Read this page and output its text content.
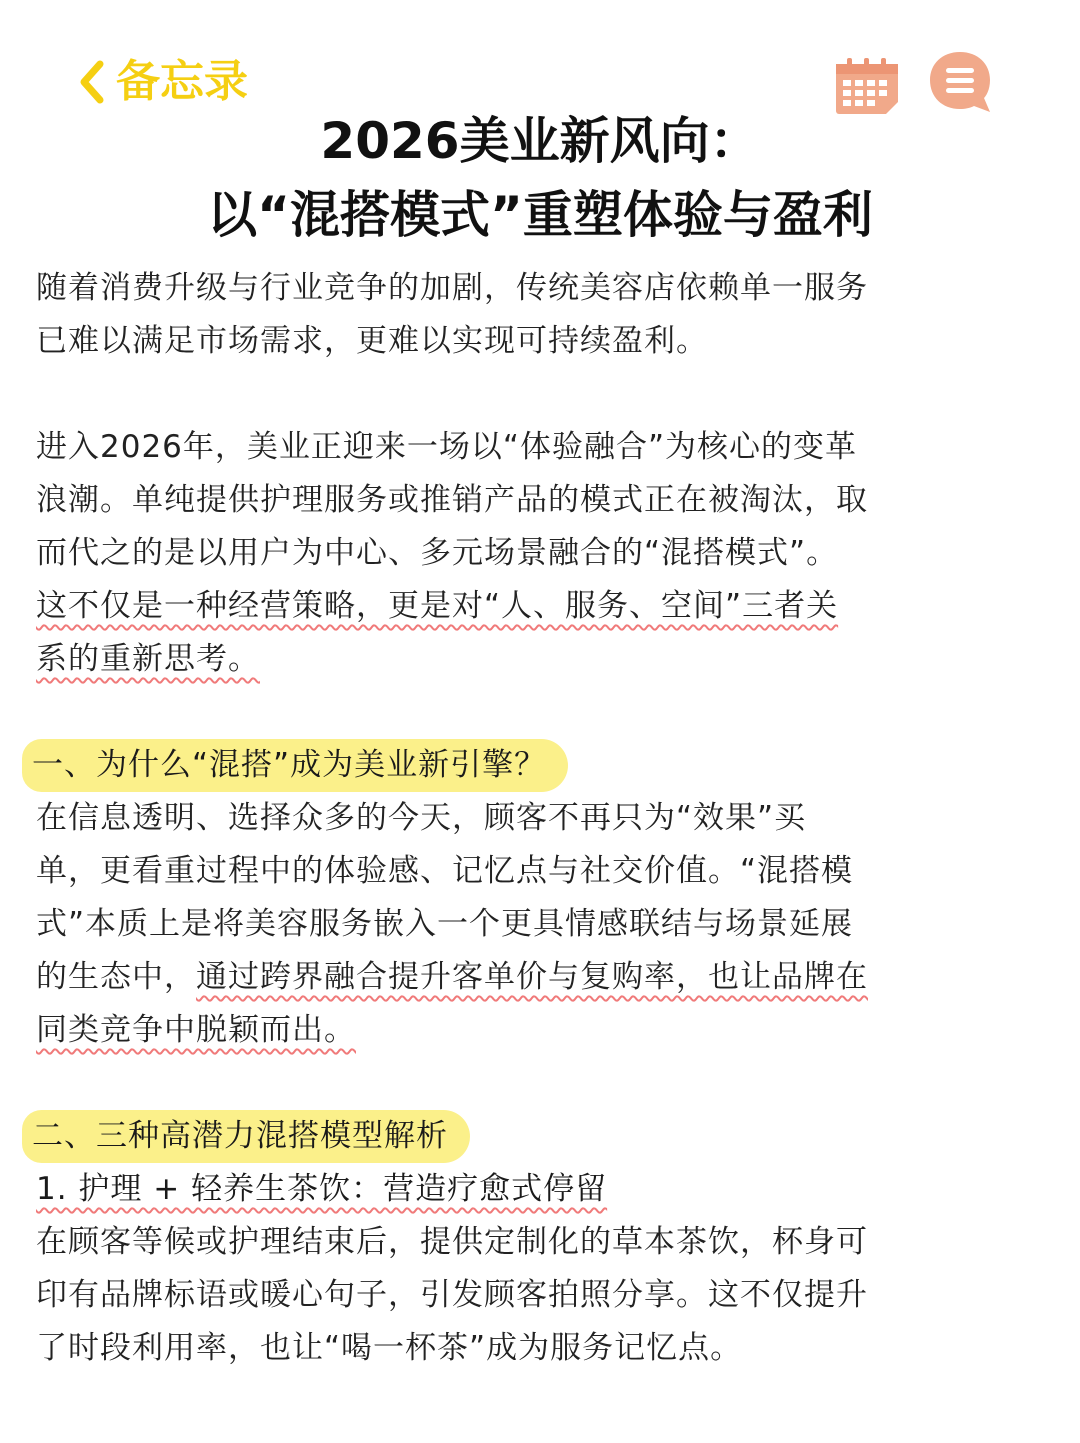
备忘录
2026美业新风向：
以“混搭模式”重塑体验与盈利

随着消费升级与行业竞争的加剧，传统美容店依赖单一服务
已难以满足市场需求，更难以实现可持续盈利。

进入2026年，美业正迎来一场以“体验融合”为核心的变革
浪潮。单纯提供护理服务或推销产品的模式正在被淘汰，取
而代之的是以用户为中心、多元场景融合的“混搭模式”。
这不仅是一种经营策略，更是对“人、服务、空间”三者关
系的重新思考。

一、为什么“混搭”成为美业新引擎？

在信息透明、选择众多的今天，顾客不再只为“效果”买
单，更看重过程中的体验感、记忆点与社交价值。“混搭模
式”本质上是将美容服务嵌入一个更具情感联结与场景延展
的生态中，通过跨界融合提升客单价与复购率，也让品牌在
同类竞争中脱颖而出。

二、三种高潜力混搭模型解析
1. 护理 + 轻养生茶饮：营造疗愈式停留

在顾客等候或护理结束后，提供定制化的草本茶饮，杯身可
印有品牌标语或暖心句子，引发顾客拍照分享。这不仅提升
了时段利用率，也让“喝一杯茶”成为服务记忆点。
